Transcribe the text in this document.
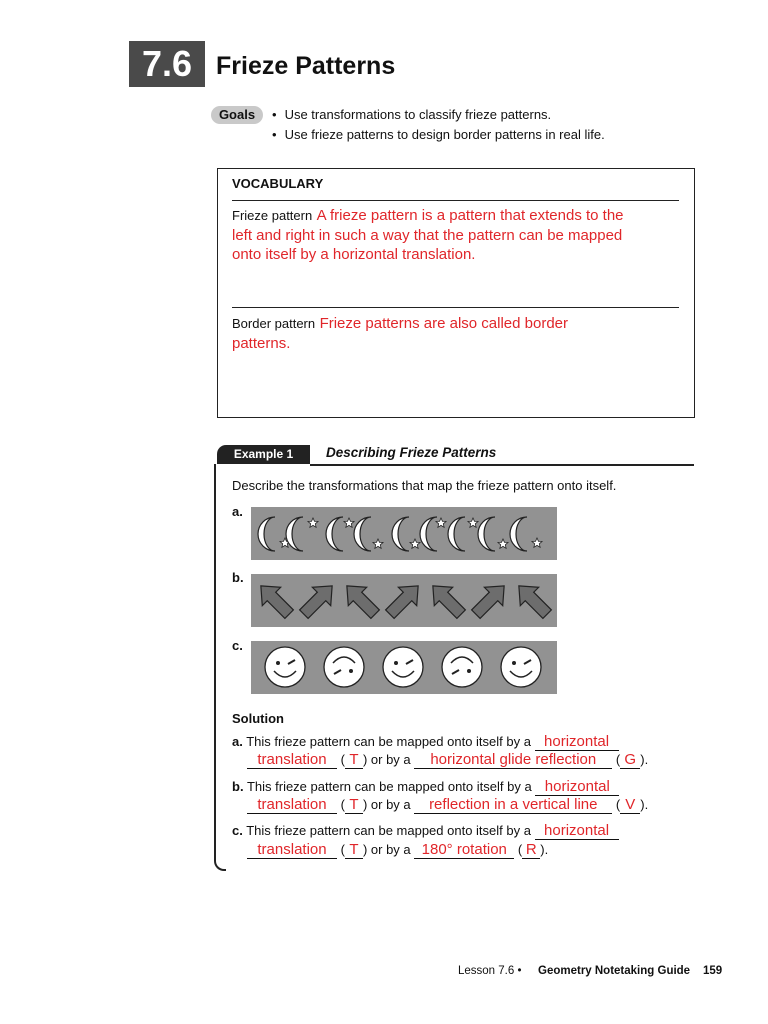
7.6 Frieze Patterns
Goals
•	Use transformations to classify frieze patterns.
• Use frieze patterns to design border patterns in real life.
VOCABULARY
Frieze pattern A frieze pattern is a pattern that extends to the
left and right in such a way that the pattern can be mapped
onto itself by a horizontal translation.
Border pattern Frieze patterns are also called border
patterns.
Example 1	Describing Frieze Patterns
Describe the transformations that map the frieze pattern onto itself.
a.
b.
c.
Solution
a. This frieze pattern can be mapped onto itself by a horizontal
translation ( T ) or by a horizontal glide reflection ( G ).
b. This frieze pattern can be mapped onto itself by a horizontal
translation ( T ) or by a reflection in a vertical line ( V ).
c. This frieze pattern can be mapped onto itself by a horizontal
translation ( T ) or by a 180° rotation ( R ).
Lesson 7.6 • Geometry Notetaking Guide 159
